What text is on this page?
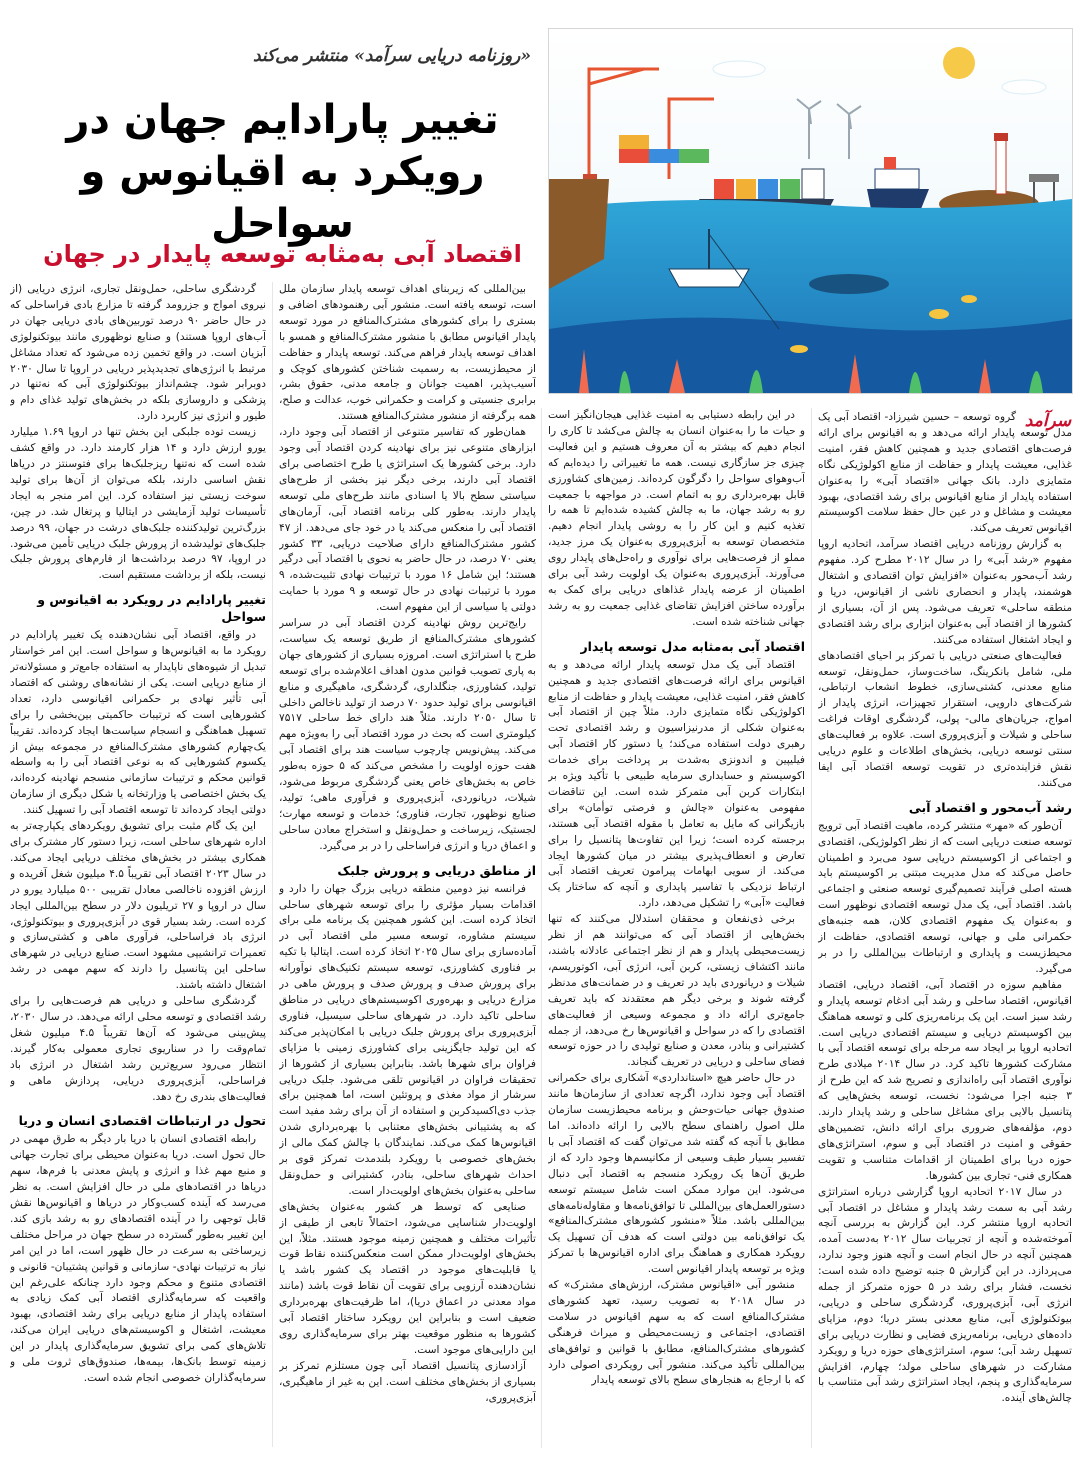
«روزنامه دریایی سرآمد» منتشر می‌کند
تغییر پارادایم جهان در رویکرد به اقیانوس و سواحل
اقتصاد آبی به‌مثابه توسعه پایدار در جهان
سرآمد

گروه توسعه – حسین شیرزاد- اقتصاد آبی یک مدل توسعه پایدار ارائه می‌دهد و به اقیانوس برای ارائه فرصت‌های اقتصادی جدید و همچنین کاهش فقر، امنیت غذایی، معیشت پایدار و حفاظت از منابع اکولوژیکی نگاه متمایزی دارد. بانک جهانی «اقتصاد آبی» را به‌عنوان استفاده پایدار از منابع اقیانوس برای رشد اقتصادی، بهبود معیشت و مشاغل و در عین حال حفظ سلامت اکوسیستم اقیانوس تعریف می‌کند.

به گزارش روزنامه دریایی اقتصاد سرآمد، اتحادیه اروپا مفهوم «رشد آبی» را در سال ۲۰۱۲ مطرح کرد. مفهوم رشد آب‌محور به‌عنوان «افزایش توان اقتصادی و اشتغال هوشمند، پایدار و انحصاری ناشی از اقیانوس، دریا و منطقه ساحلی» تعریف می‌شود. پس از آن، بسیاری از کشورها از اقتصاد آبی به‌عنوان ابزاری برای رشد اقتصادی و ایجاد اشتغال استفاده می‌کنند.

فعالیت‌های صنعتی دریایی با تمرکز بر احیای اقتصادهای ملی، شامل بانکرینگ، ساخت‌وساز، حمل‌ونقل، توسعه منابع معدنی، کشتی‌سازی، خطوط انشعاب ارتباطی، شرکت‌های دارویی، استقرار تجهیزات، انرژی پایدار از امواج، جریان‌های مالی- پولی، گردشگری اوقات فراغت ساحلی و شیلات و آبزی‌پروری است. علاوه بر فعالیت‌های سنتی توسعه دریایی، بخش‌های اطلاعات و علوم دریایی نقش فزاینده‌تری در تقویت توسعه اقتصاد آبی ایفا می‌کنند.

رشد آب‌محور و اقتصاد آبی

آن‌طور که «مهر» منتشر کرده، ماهیت اقتصاد آبی ترویج توسعه صنعت دریایی است که از نظر اکولوژیکی، اقتصادی و اجتماعی از اکوسیستم دریایی سود می‌برد و اطمینان حاصل می‌کند که مدل مدیریت مبتنی بر اکوسیستم باید هسته اصلی فرآیند تصمیم‌گیری توسعه صنعتی و اجتماعی باشد. اقتصاد آبی، یک مدل توسعه اقتصادی نوظهور است و به‌عنوان یک مفهوم اقتصادی کلان، همه جنبه‌های حکمرانی ملی و جهانی، توسعه اقتصادی، حفاظت از محیط‌زیست و پایداری و ارتباطات بین‌المللی را در بر می‌گیرد.

مفاهیم سوزه در اقتصاد آبی، اقتصاد دریایی، اقتصاد اقیانوس، اقتصاد ساحلی و رشد آبی ادغام توسعه پایدار و رشد سبز است. این یک برنامه‌ریزی کلی و توسعه هماهنگ بین اکوسیستم دریایی و سیستم اقتصادی دریایی است. اتحادیه اروپا بر ایجاد سه مرحله برای توسعه اقتصاد آبی با مشارکت کشورها تاکید کرد. در سال ۲۰۱۴ میلادی طرح نوآوری اقتصاد آبی راه‌اندازی و تصریح شد که این طرح از ۳ جنبه اجرا می‌شود: نخست، توسعه بخش‌هایی که پتانسیل بالایی برای مشاغل ساحلی و رشد پایدار دارند. دوم، مؤلفه‌های ضروری برای ارائه دانش، تضمین‌های حقوقی و امنیت در اقتصاد آبی و سوم، استراتژی‌های حوزه دریا برای اطمینان از اقدامات متناسب و تقویت همکاری فنی- تجاری بین کشورها.

در سال ۲۰۱۷ اتحادیه اروپا گزارشی درباره استراتژی رشد آبی به سمت رشد پایدار و مشاغل در اقتصاد آبی اتحادیه اروپا منتشر کرد. این گزارش به بررسی آنچه آموخته‌شده و آنچه از تجربیات سال ۲۰۱۲ به‌دست آمده، همچنین آنچه در حال انجام است و آنچه هنوز وجود ندارد، می‌پردازد. در این گزارش ۵ جنبه توضیح داده شده است: نخست، فشار برای رشد در ۵ حوزه متمرکز از جمله انرژی آبی، آبزی‌پروری، گردشگری ساحلی و دریایی، بیوتکنولوژی آبی، منابع معدنی بستر دریا؛ دوم، مزایای داده‌های دریایی، برنامه‌ریزی فضایی و نظارت دریایی برای تسهیل رشد آبی؛ سوم، استراتژی‌های حوزه دریا و رویکرد مشارکت در شهرهای ساحلی مولد؛ چهارم، افزایش سرمایه‌گذاری و پنجم، ایجاد استراتژی رشد آبی متناسب با چالش‌های آینده.

در این رابطه دستیابی به امنیت غذایی هیجان‌انگیز است و حیات ما را به‌عنوان انسان به چالش می‌کشد تا کاری را انجام دهیم که بیشتر به آن معروف هستیم و این فعالیت چیزی جز سازگاری نیست. همه ما تغییراتی را دیده‌ایم که آب‌وهوای سواحل را دگرگون کرده‌اند. زمین‌های کشاورزی قابل بهره‌برداری رو به اتمام است. در مواجهه با جمعیت رو به رشد جهان، ما به چالش کشیده شده‌ایم تا همه را تغذیه کنیم و این کار را به روشی پایدار انجام دهیم. متخصصان توسعه به آبزی‌پروری به‌عنوان یک مرز جدید، مملو از فرصت‌هایی برای نوآوری و راه‌حل‌های پایدار روی می‌آورند. آبزی‌پروری به‌عنوان یک اولویت رشد آبی برای اطمینان از عرضه پایدار غذاهای دریایی برای کمک به برآورده ساختن افزایش تقاضای غذایی جمعیت رو به رشد جهانی شناخته شده است.

اقتصاد آبی به‌مثابه مدل توسعه پایدار

اقتصاد آبی یک مدل توسعه پایدار ارائه می‌دهد و به اقیانوس برای ارائه فرصت‌های اقتصادی جدید و همچنین کاهش فقر، امنیت غذایی، معیشت پایدار و حفاظت از منابع اکولوژیکی نگاه متمایزی دارد. مثلاً چین از اقتصاد آبی به‌عنوان شکلی از مدرنیزاسیون و رشد اقتصادی تحت رهبری دولت استفاده می‌کند؛ یا دستور کار اقتصاد آبی فیلیپین و اندونزی به‌شدت بر پرداخت برای خدمات اکوسیستم و حسابداری سرمایه طبیعی با تأکید ویژه بر ابتکارات کربن آبی متمرکز شده است. این تناقضات مفهومی به‌عنوان «چالش و فرصتی توأمان» برای بازیگرانی که مایل به تعامل با مقوله اقتصاد آبی هستند، برجسته کرده است؛ زیرا این تفاوت‌ها پتانسیل را برای تعارض و انعطاف‌پذیری بیشتر در میان کشورها ایجاد می‌کند. از سویی ابهامات پیرامون تعریف اقتصاد آبی ارتباط نزدیکی با تفاسیر پایداری و آنچه که ساختار یک فعالیت «آبی» را تشکیل می‌دهد، دارد.

برخی ذی‌نفعان و محققان استدلال می‌کنند که تنها بخش‌هایی از اقتصاد آبی که می‌توانند هم از نظر زیست‌محیطی پایدار و هم از نظر اجتماعی عادلانه باشند، مانند اکتشاف زیستی، کربن آبی، انرژی آبی، اکوتوریسم، شیلات و دریانوردی باید در تعریف و در ضمانت‌های مدنظر گرفته شوند و برخی دیگر هم معتقدند که باید تعریف جامع‌تری ارائه داد و مجموعه وسیعی از فعالیت‌های اقتصادی را که در سواحل و اقیانوس‌ها رخ می‌دهد، از جمله کشتیرانی و بنادر، معدن و صنایع تولیدی را در حوزه توسعه فضای ساحلی و دریایی در تعریف گنجاند.

در حال حاضر هیچ «استانداردی» آشکاری برای حکمرانی اقتصاد آبی وجود ندارد، اگرچه تعدادی از سازمان‌ها مانند صندوق جهانی حیات‌وحش و برنامه محیط‌زیست سازمان ملل اصول راهنمای سطح بالایی را ارائه داده‌اند. اما مطابق با آنچه که گفته شد می‌توان گفت که اقتصاد آبی با تفسیر بسیار طیف وسیعی از مکانیسم‌ها وجود دارد که از طریق آن‌ها یک رویکرد منسجم به اقتصاد آبی دنبال می‌شود. این موارد ممکن است شامل سیستم توسعه دستورالعمل‌های بین‌المللی تا توافق‌نامه‌ها و مقاوله‌نامه‌های بین‌المللی باشد. مثلاً «منشور کشورهای مشترک‌المنافع» یک توافق‌نامه بین دولتی است که هدف آن تسهیل یک رویکرد همکاری و هماهنگ برای اداره اقیانوس‌ها با تمرکز ویژه بر توسعه پایدار اقیانوس است.

منشور آبی «اقیانوس مشترک، ارزش‌های مشترک» که در سال ۲۰۱۸ به تصویب رسید، تعهد کشورهای مشترک‌المنافع است که به سهم اقیانوس در سلامت اقتصادی، اجتماعی و زیست‌محیطی و میراث فرهنگی کشورهای مشترک‌المنافع، مطابق با قوانین و توافق‌های بین‌المللی تأکید می‌کند. منشور آبی رویکردی اصولی دارد که با ارجاع به هنجارهای سطح بالای توسعه پایدار

بین‌المللی که زیربنای اهداف توسعه پایدار سازمان ملل است، توسعه یافته است. منشور آبی رهنمودهای اضافی و بستری را برای کشورهای مشترک‌المنافع در مورد توسعه پایدار اقیانوس مطابق با منشور مشترک‌المنافع و همسو با اهداف توسعه پایدار فراهم می‌کند. توسعه پایدار و حفاظت از محیط‌زیست، به رسمیت شناختن کشورهای کوچک و آسیب‌پذیر، اهمیت جوانان و جامعه مدنی، حقوق بشر، برابری جنسیتی و کرامت و حکمرانی خوب، عدالت و صلح، همه برگرفته از منشور مشترک‌المنافع هستند.

همان‌طور که تفاسیر متنوعی از اقتصاد آبی وجود دارد، ابزارهای متنوعی نیز برای نهادینه کردن اقتصاد آبی وجود دارد. برخی کشورها یک استراتژی یا طرح اختصاصی برای اقتصاد آبی دارند، برخی دیگر نیز بخشی از طرح‌های سیاستی سطح بالا یا اسنادی مانند طرح‌های ملی توسعه پایدار دارند. به‌طور کلی برنامه اقتصاد آبی، آرمان‌های اقتصاد آبی را منعکس می‌کند یا در خود جای می‌دهد. از ۴۷ کشور مشترک‌المنافع دارای صلاحیت دریایی، ۳۳ کشور یعنی ۷۰ درصد، در حال حاضر به نحوی با اقتصاد آبی درگیر هستند؛ این شامل ۱۶ مورد با ترتیبات نهادی تثبیت‌شده، ۹ مورد با ترتیبات نهادی در حال توسعه و ۹ مورد با حمایت دولتی یا سیاسی از این مفهوم است.

رایج‌ترین روش نهادینه کردن اقتصاد آبی در سراسر کشورهای مشترک‌المنافع از طریق توسعه یک سیاست، طرح یا استراتژی است. امروزه بسیاری از کشورهای جهان به پاری تصویب قوانین مدون اهداف اعلام‌شده برای توسعه تولید، کشاورزی، جنگلداری، گردشگری، ماهیگیری و منابع اقیانوسی برای تولید حدود ۷۰ درصد از تولید ناخالص داخلی تا سال ۲۰۵۰ دارند. مثلاً هند دارای خط ساحلی ۷۵۱۷ کیلومتری است که بحث در مورد اقتصاد آبی را به‌ویژه مهم می‌کند. پیش‌نویس چارچوب سیاست هند برای اقتصاد آبی هفت حوزه اولویت را مشخص می‌کند که ۵ حوزه به‌طور خاص به بخش‌های خاص یعنی گردشگری مربوط می‌شود، شیلات، دریانوردی، آبزی‌پروری و فرآوری ماهی؛ تولید، صنایع نوظهور، تجارت، فناوری؛ خدمات و توسعه مهارت؛ لجستیک، زیرساخت و حمل‌ونقل و استخراج معادن ساحلی و اعماق دریا و انرژی فراساحلی را در بر می‌گیرد.

از مناطق دریایی و پرورش جلبک

فرانسه نیز دومین منطقه دریایی بزرگ جهان را دارد و اقدامات بسیار مؤثری را برای توسعه شهرهای ساحلی اتخاذ کرده است. این کشور همچنین یک برنامه ملی برای سیستم مشاوره، توسعه مسیر ملی اقتصاد آبی در آماده‌سازی برای سال ۲۰۲۵ اتخاذ کرده است. ایتالیا با تکیه بر فناوری کشاورزی، توسعه سیستم تکنیک‌های نوآورانه برای پرورش صدف و پرورش صدف و پرورش ماهی در مزارع دریایی و بهره‌وری اکوسیستم‌های دریایی در مناطق ساحلی تاکید دارد. در شهرهای ساحلی سیسیل، فناوری آبزی‌پروری برای پرورش جلبک دریایی با امکان‌پذیر می‌کند که این تولید جایگزینی برای کشاورزی زمینی با مزایای فراوان برای شهرها باشد. بنابراین بسیاری از کشورها از تحقیقات فراوان در اقیانوس تلقی می‌شود. جلبک دریایی سرشار از مواد مغذی و پروتئین است، اما همچنین برای جذب دی‌اکسیدکربن و استفاده از آن برای رشد مفید است که به پشتیبانی بخش‌های معتنابی با بهره‌برداری شدن اقیانوس‌ها کمک می‌کند. نمایندگان با چالش کمک مالی از بخش‌های خصوصی با رویکرد بلندمدت تمرکز قوی بر احداث شهرهای ساحلی، بنادر، کشتیرانی و حمل‌ونقل ساحلی به‌عنوان بخش‌های اولویت‌دار است.

صنایعی که توسط هر کشور به‌عنوان بخش‌های اولویت‌دار شناسایی می‌شود، احتمالاً تابعی از طیفی از تأثیرات مختلف و همچنین زمینه موجود هستند. مثلاً، این بخش‌های اولویت‌دار ممکن است منعکس‌کننده نقاط قوت یا قابلیت‌های موجود در اقتصاد یک کشور باشد یا نشان‌دهنده آرزویی برای تقویت آن نقاط قوت باشد (مانند مواد معدنی در اعماق دریا)، اما ظرفیت‌های بهره‌برداری ضعیف است و بنابراین این رویکرد ساختار اقتصاد آبی کشورها به منظور موقعیت بهتر برای سرمایه‌گذاری روی این دارایی‌های موجود است.

آزادسازی پتانسیل اقتصاد آبی چون مستلزم تمرکز بر بسیاری از بخش‌های مختلف است. این به غیر از ماهیگیری، آبزی‌پروری،

گردشگری ساحلی، حمل‌ونقل تجاری، انرژی دریایی (از نیروی امواج و جزرومد گرفته تا مزارع بادی فراساحلی که در حال حاضر ۹۰ درصد توربین‌های بادی دریایی جهان در آب‌های اروپا هستند) و صنایع نوظهوری مانند بیوتکنولوژی آبزیان است. در واقع تخمین زده می‌شود که تعداد مشاغل مرتبط با انرژی‌های تجدیدپذیر دریایی در اروپا تا سال ۲۰۳۰ دوبرابر شود. چشم‌انداز بیوتکنولوژی آبی که نه‌تنها در پزشکی و داروسازی بلکه در بخش‌های تولید غذای دام و طیور و انرژی نیز کاربرد دارد.

زیست توده جلبکی این بخش تنها در اروپا ۱.۶۹ میلیارد یورو ارزش دارد و ۱۴ هزار کارمند دارد. در واقع کشف شده است که نه‌تنها ریزجلبک‌ها برای فتوسنتز در دریاها نقش اساسی دارند، بلکه می‌توان از آن‌ها برای تولید سوخت زیستی نیز استفاده کرد. این امر منجر به ایجاد تأسیسات تولید آزمایشی در ایتالیا و پرتغال شد. در چین، بزرگ‌ترین تولیدکننده جلبک‌های درشت در جهان، ۹۹ درصد جلبک‌های تولیدشده از پرورش جلبک دریایی تأمین می‌شود. در اروپا، ۹۷ درصد برداشت‌ها از فارم‌های پرورش جلبک نیست، بلکه از برداشت مستقیم است.

تغییر پارادایم در رویکرد به اقیانوس و سواحل

در واقع، اقتصاد آبی نشان‌دهنده یک تغییر پارادایم در رویکرد ما به اقیانوس‌ها و سواحل است. این امر خواستار تبدیل از شیوه‌های ناپایدار به استفاده جامع‌تر و مسئولانه‌تر از منابع دریایی است. یکی از نشانه‌های روشنی که اقتصاد آبی تأثیر نهادی بر حکمرانی اقیانوسی دارد، تعداد کشورهایی است که ترتیبات حاکمیتی بین‌بخشی را برای تسهیل هماهنگی و انسجام سیاست‌ها ایجاد کرده‌اند. تقریباً یک‌چهارم کشورهای مشترک‌المنافع در مجموعه بیش از یکسوم کشورهایی که به نوعی اقتصاد آبی را به واسطه قوانین محکم و ترتیبات سازمانی منسجم نهادینه کرده‌اند، یک بخش اختصاصی یا وزارتخانه یا شکل دیگری از سازمان دولتی ایجاد کرده‌اند تا توسعه اقتصاد آبی را تسهیل کنند.

این یک گام مثبت برای تشویق رویکردهای یکپارچه‌تر به اداره شهرهای ساحلی است، زیرا دستور کار مشترک برای همکاری بیشتر در بخش‌های مختلف دریایی ایجاد می‌کند. در سال ۲۰۲۳ اقتصاد آبی تقریباً ۴.۵ میلیون شغل آفریده و ارزش افزوده ناخالصی معادل تقریبی ۵۰۰ میلیارد یورو در سال در اروپا و ۲۷ تریلیون دلار در سطح بین‌المللی ایجاد کرده است. رشد بسیار قوی در آبزی‌پروری و بیوتکنولوژی، انرژی باد فراساحلی، فرآوری ماهی و کشتی‌سازی و تعمیرات ترانشیپی مشهود است. صنایع دریایی در شهرهای ساحلی این پتانسیل را دارند که سهم مهمی در رشد اشتغال داشته باشند.

گردشگری ساحلی و دریایی هم فرصت‌هایی را برای رشد اقتصادی و توسعه محلی ارائه می‌دهد. در سال ۲۰۳۰، پیش‌بینی می‌شود که آن‌ها تقریباً ۴.۵ میلیون شغل تمام‌وقت را در سناریوی تجاری معمولی به‌کار گیرند. انتظار می‌رود سریع‌ترین رشد اشتغال در انرژی باد فراساحلی، آبزی‌پروری دریایی، پردازش ماهی و فعالیت‌های بندری رخ دهد.

تحول در ارتباطات اقتصادی انسان و دریا

رابطه اقتصادی انسان با دریا بار دیگر به طرق مهمی در حال تحول است. دریا به‌عنوان محیطی برای تجارت جهانی و منبع مهم غذا و انرژی و پایش معدنی با فرم‌ها، سهم دریاها در اقتصادهای ملی در حال افزایش است. به نظر می‌رسد که آینده کسب‌وکار در دریاها و اقیانوس‌ها نقش قابل توجهی را در آینده اقتصادهای رو به رشد بازی کند. این تغییر به‌طور گسترده در سطح جهان در مراحل مختلف زیرساختی به سرعت در حال ظهور است، اما در این امر نیاز به ترتیبات نهادی- سازمانی و قوانین پشتیبان- قانونی و اقتصادی متنوع و محکم وجود دارد چنانکه علی‌رغم این واقعیت که سرمایه‌گذاری اقتصاد آبی کمک زیادی به استفاده پایدار از منابع دریایی برای رشد اقتصادی، بهبود معیشت، اشتغال و اکوسیستم‌های دریایی ایران می‌کند، تلاش‌های کمی برای تشویق سرمایه‌گذاری پایدار در این زمینه توسط بانک‌ها، بیمه‌ها، صندوق‌های ثروت ملی و سرمایه‌گذاران خصوصی انجام شده است.
